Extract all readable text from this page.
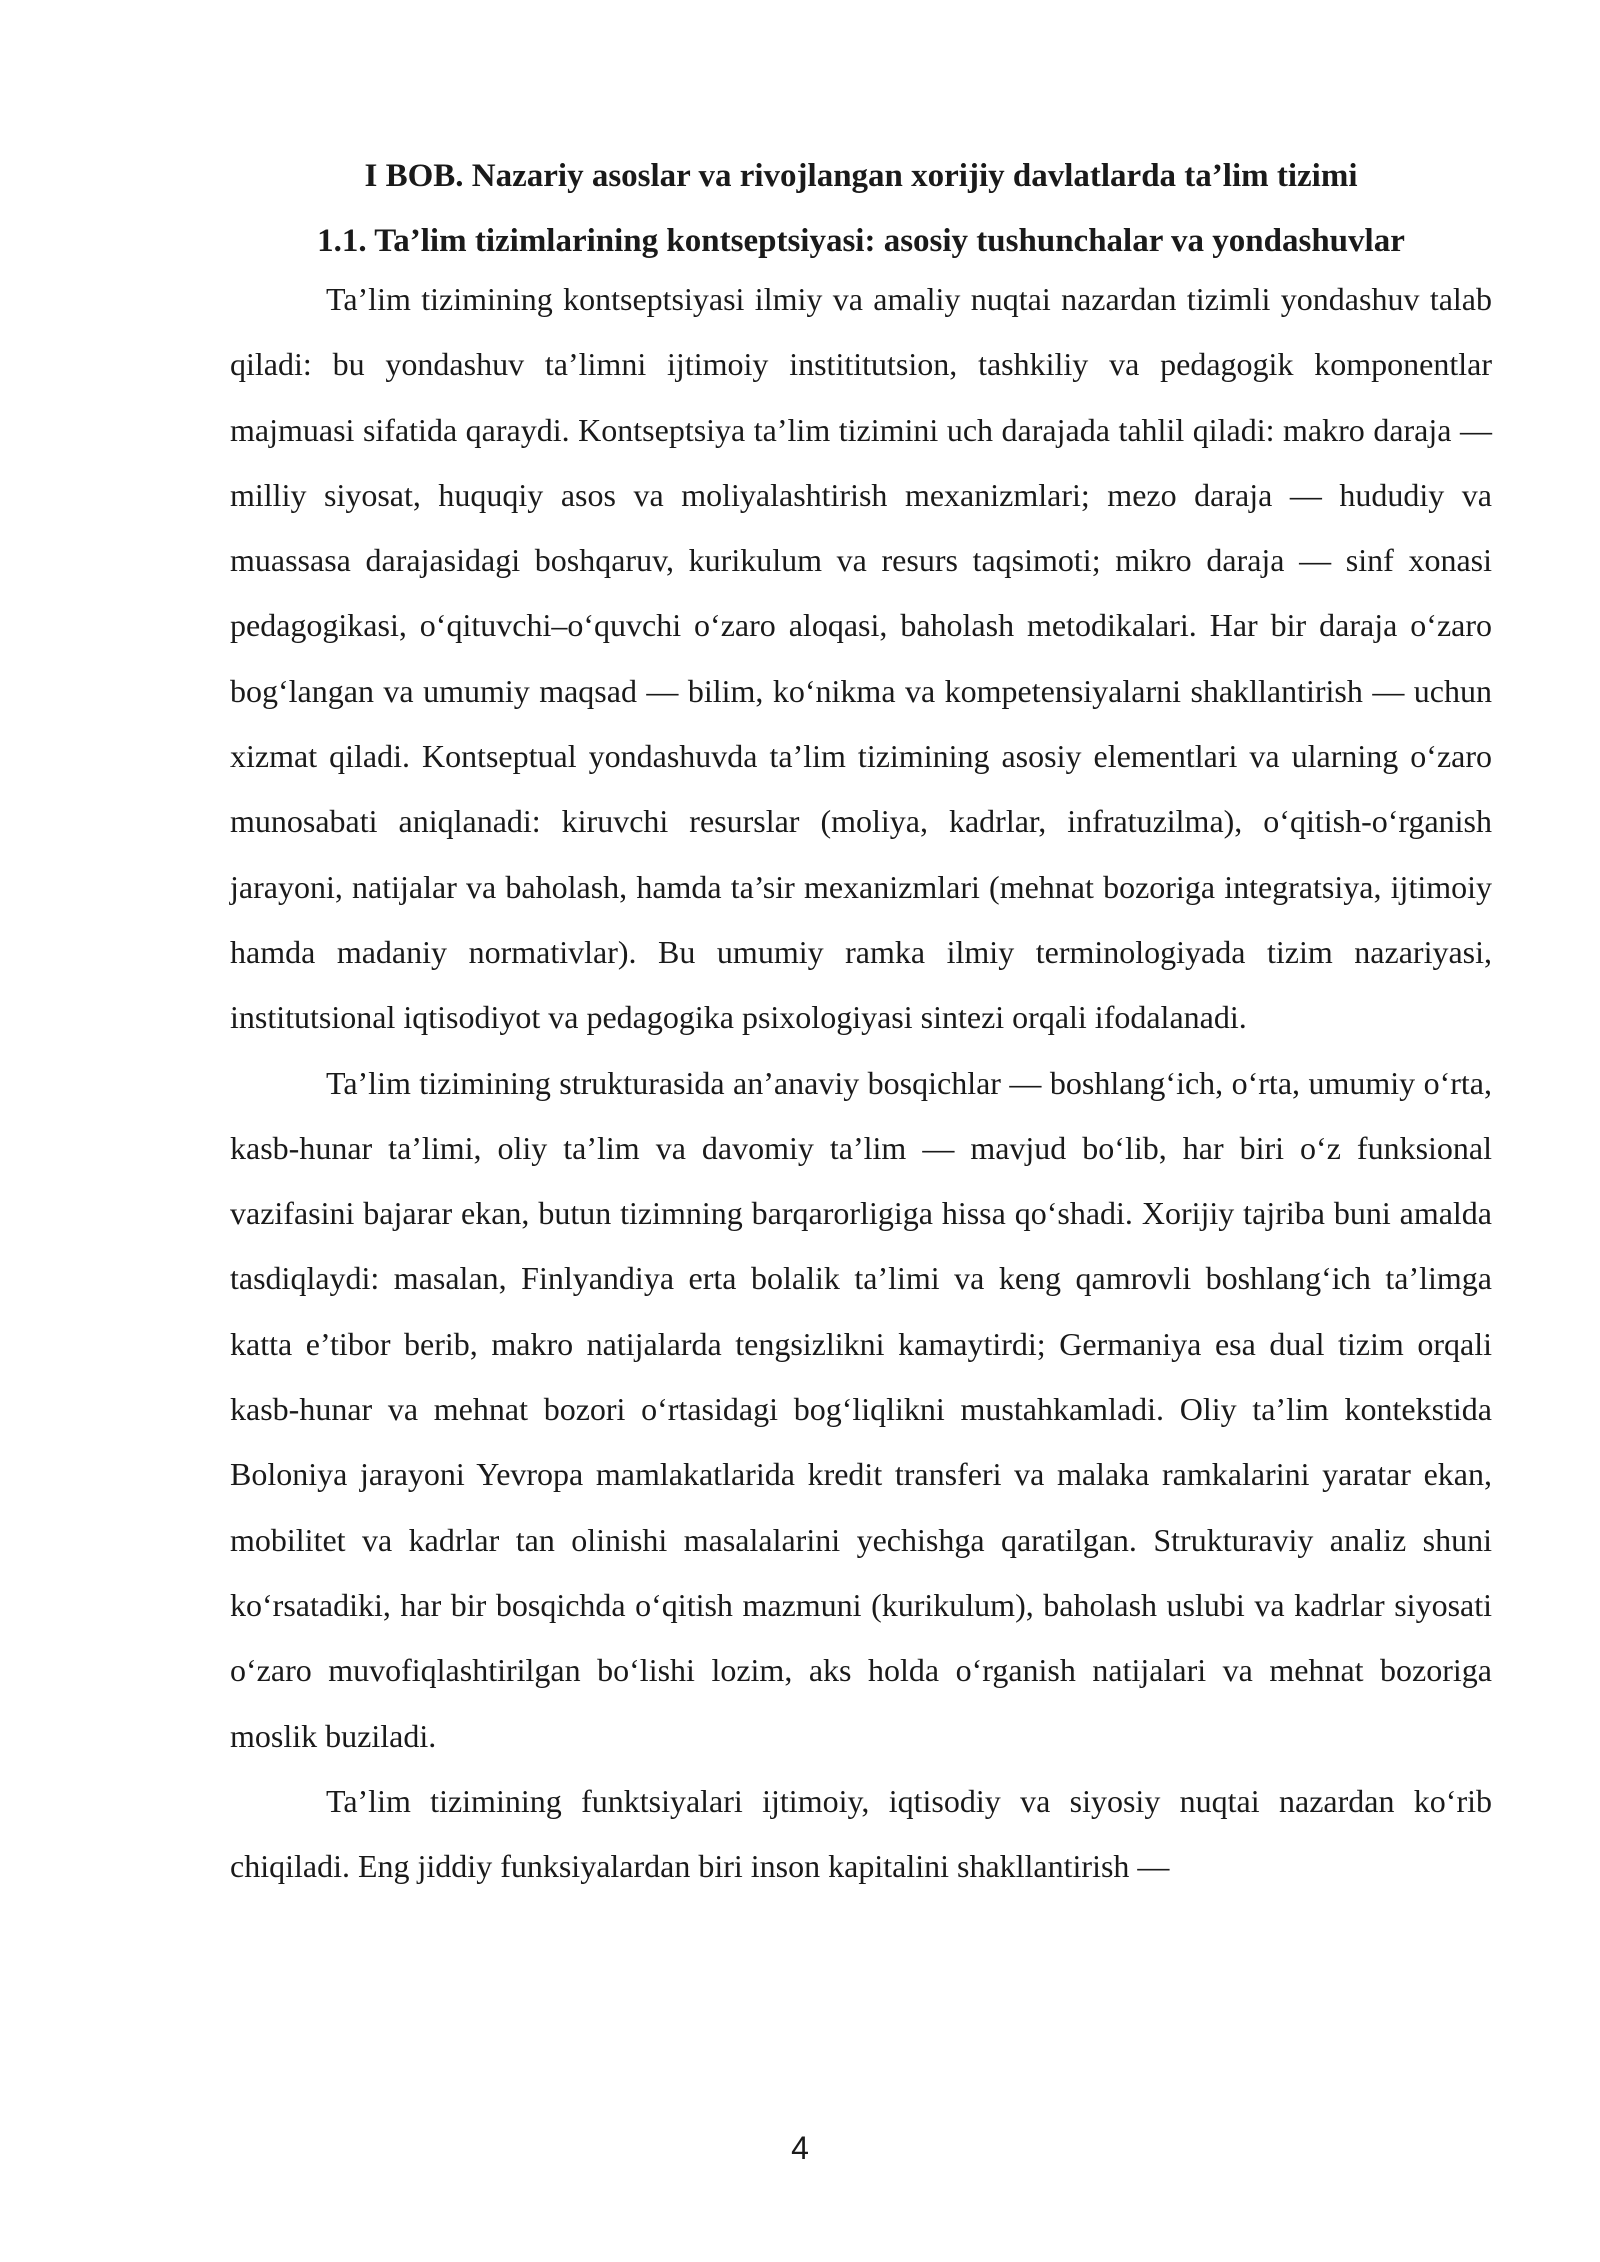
I BOB. Nazariy asoslar va rivojlangan xorijiy davlatlarda ta’lim tizimi
1.1. Ta’lim tizimlarining kontseptsiyasi: asosiy tushunchalar va yondashuvlar

Ta’lim tizimining kontseptsiyasi ilmiy va amaliy nuqtai nazardan tizimli yondashuv talab qiladi: bu yondashuv ta’limni ijtimoiy instititutsion, tashkiliy va pedagogik komponentlar majmuasi sifatida qaraydi. Kontseptsiya ta’lim tizimini uch darajada tahlil qiladi: makro daraja — milliy siyosat, huquqiy asos va moliyalashtirish mexanizmlari; mezo daraja — hududiy va muassasa darajasidagi boshqaruv, kurikulum va resurs taqsimoti; mikro daraja — sinf xonasi pedagogikasi, o‘qituvchi–o‘quvchi o‘zaro aloqasi, baholash metodikalari. Har bir daraja o‘zaro bog‘langan va umumiy maqsad — bilim, ko‘nikma va kompetensiyalarni shakllantirish — uchun xizmat qiladi. Kontseptual yondashuvda ta’lim tizimining asosiy elementlari va ularning o‘zaro munosabati aniqlanadi: kiruvchi resurslar (moliya, kadrlar, infratuzilma), o‘qitish-o‘rganish jarayoni, natijalar va baholash, hamda ta’sir mexanizmlari (mehnat bozoriga integratsiya, ijtimoiy hamda madaniy normativlar). Bu umumiy ramka ilmiy terminologiyada tizim nazariyasi, institutsional iqtisodiyot va pedagogika psixologiyasi sintezi orqali ifodalanadi.

Ta’lim tizimining strukturasida an’anaviy bosqichlar — boshlang‘ich, o‘rta, umumiy o‘rta, kasb-hunar ta’limi, oliy ta’lim va davomiy ta’lim — mavjud bo‘lib, har biri o‘z funksional vazifasini bajarar ekan, butun tizimning barqarorligiga hissa qo‘shadi. Xorijiy tajriba buni amalda tasdiqlaydi: masalan, Finlyandiya erta bolalik ta’limi va keng qamrovli boshlang‘ich ta’limga katta e’tibor berib, makro natijalarda tengsizlikni kamaytirdi; Germaniya esa dual tizim orqali kasb-hunar va mehnat bozori o‘rtasidagi bog‘liqlikni mustahkamladi. Oliy ta’lim kontekstida Boloniya jarayoni Yevropa mamlakatlarida kredit transferi va malaka ramkalarini yaratar ekan, mobilitet va kadrlar tan olinishi masalalarini yechishga qaratilgan. Strukturaviy analiz shuni ko‘rsatadiki, har bir bosqichda o‘qitish mazmuni (kurikulum), baholash uslubi va kadrlar siyosati o‘zaro muvofiqlashtirilgan bo‘lishi lozim, aks holda o‘rganish natijalari va mehnat bozoriga moslik buziladi.

Ta’lim tizimining funktsiyalari ijtimoiy, iqtisodiy va siyosiy nuqtai nazardan ko‘rib chiqiladi. Eng jiddiy funksiyalardan biri inson kapitalini shakllantirish —

4
